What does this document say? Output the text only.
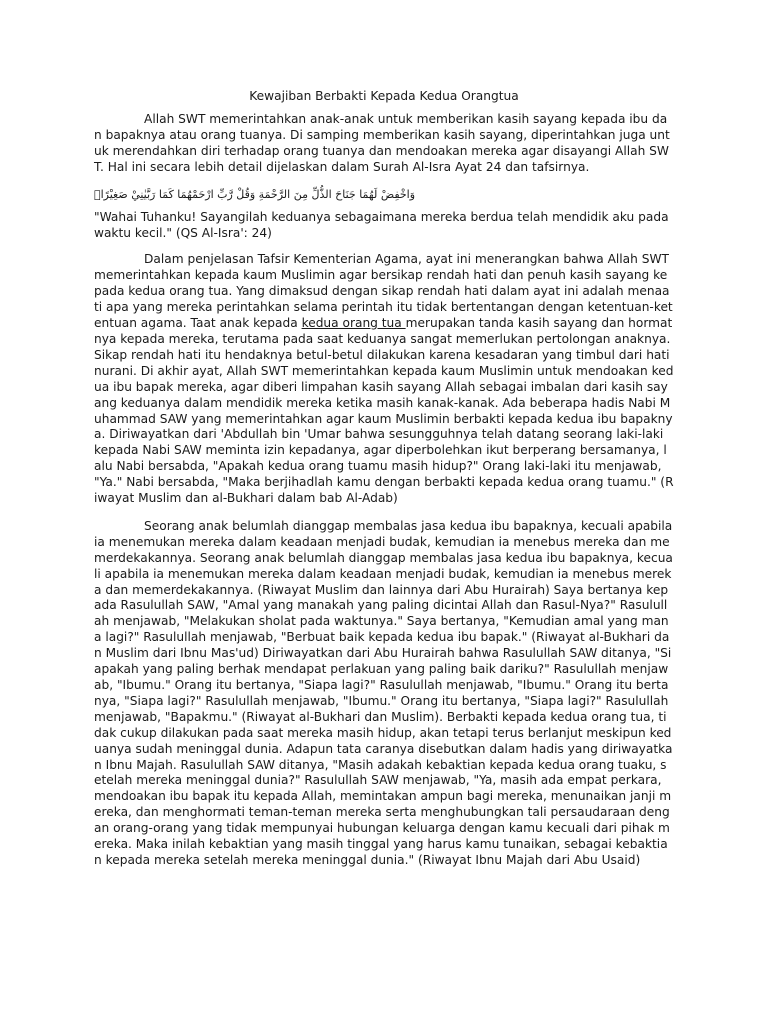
Kewajiban Berbakti Kepada Kedua Orangtua

Allah SWT memerintahkan anak-anak untuk memberikan kasih sayang kepada ibu dan bapaknya atau orang tuanya. Di samping memberikan kasih sayang, diperintahkan juga untuk merendahkan diri terhadap orang tuanya dan mendoakan mereka agar disayangi Allah SWT. Hal ini secara lebih detail dijelaskan dalam Surah Al-Isra Ayat 24 dan tafsirnya.

وَاخْفِضْ لَهُمَا جَنَاحَ الذُّلِّ مِنَ الرَّحْمَةِ وَقُلْ رَّبِّ ارْحَمْهُمَا كَمَا رَبَّيٰنِيْ صَغِيْرًاۗ

"Wahai Tuhanku! Sayangilah keduanya sebagaimana mereka berdua telah mendidik aku pada waktu kecil." (QS Al-Isra': 24)

Dalam penjelasan Tafsir Kementerian Agama, ayat ini menerangkan bahwa Allah SWT memerintahkan kepada kaum Muslimin agar bersikap rendah hati dan penuh kasih sayang kepada kedua orang tua. Yang dimaksud dengan sikap rendah hati dalam ayat ini adalah menaati apa yang mereka perintahkan selama perintah itu tidak bertentangan dengan ketentuan-ketentuan agama. Taat anak kepada kedua orang tua merupakan tanda kasih sayang dan hormatnya kepada mereka, terutama pada saat keduanya sangat memerlukan pertolongan anaknya. Sikap rendah hati itu hendaknya betul-betul dilakukan karena kesadaran yang timbul dari hati nurani. Di akhir ayat, Allah SWT memerintahkan kepada kaum Muslimin untuk mendoakan kedua ibu bapak mereka, agar diberi limpahan kasih sayang Allah sebagai imbalan dari kasih sayang keduanya dalam mendidik mereka ketika masih kanak-kanak. Ada beberapa hadis Nabi Muhammad SAW yang memerintahkan agar kaum Muslimin berbakti kepada kedua ibu bapaknya. Diriwayatkan dari 'Abdullah bin 'Umar bahwa sesungguhnya telah datang seorang laki-laki kepada Nabi SAW meminta izin kepadanya, agar diperbolehkan ikut berperang bersamanya, lalu Nabi bersabda, "Apakah kedua orang tuamu masih hidup?" Orang laki-laki itu menjawab, "Ya." Nabi bersabda, "Maka berjihadlah kamu dengan berbakti kepada kedua orang tuamu." (Riwayat Muslim dan al-Bukhari dalam bab Al-Adab)

Seorang anak belumlah dianggap membalas jasa kedua ibu bapaknya, kecuali apabila ia menemukan mereka dalam keadaan menjadi budak, kemudian ia menebus mereka dan memerdekakannya. Seorang anak belumlah dianggap membalas jasa kedua ibu bapaknya, kecuali apabila ia menemukan mereka dalam keadaan menjadi budak, kemudian ia menebus mereka dan memerdekakannya. (Riwayat Muslim dan lainnya dari Abu Hurairah) Saya bertanya kepada Rasulullah SAW, "Amal yang manakah yang paling dicintai Allah dan Rasul-Nya?" Rasulullah menjawab, "Melakukan sholat pada waktunya." Saya bertanya, "Kemudian amal yang mana lagi?" Rasulullah menjawab, "Berbuat baik kepada kedua ibu bapak." (Riwayat al-Bukhari dan Muslim dari Ibnu Mas'ud) Diriwayatkan dari Abu Hurairah bahwa Rasulullah SAW ditanya, "Siapakah yang paling berhak mendapat perlakuan yang paling baik dariku?" Rasulullah menjawab, "Ibumu." Orang itu bertanya, "Siapa lagi?" Rasulullah menjawab, "Ibumu." Orang itu bertanya, "Siapa lagi?" Rasulullah menjawab, "Ibumu." Orang itu bertanya, "Siapa lagi?" Rasulullah menjawab, "Bapakmu." (Riwayat al-Bukhari dan Muslim). Berbakti kepada kedua orang tua, tidak cukup dilakukan pada saat mereka masih hidup, akan tetapi terus berlanjut meskipun keduanya sudah meninggal dunia. Adapun tata caranya disebutkan dalam hadis yang diriwayatkan Ibnu Majah. Rasulullah SAW ditanya, "Masih adakah kebaktian kepada kedua orang tuaku, setelah mereka meninggal dunia?" Rasulullah SAW menjawab, "Ya, masih ada empat perkara, mendoakan ibu bapak itu kepada Allah, memintakan ampun bagi mereka, menunaikan janji mereka, dan menghormati teman-teman mereka serta menghubungkan tali persaudaraan dengan orang-orang yang tidak mempunyai hubungan keluarga dengan kamu kecuali dari pihak mereka. Maka inilah kebaktian yang masih tinggal yang harus kamu tunaikan, sebagai kebaktian kepada mereka setelah mereka meninggal dunia." (Riwayat Ibnu Majah dari Abu Usaid)
